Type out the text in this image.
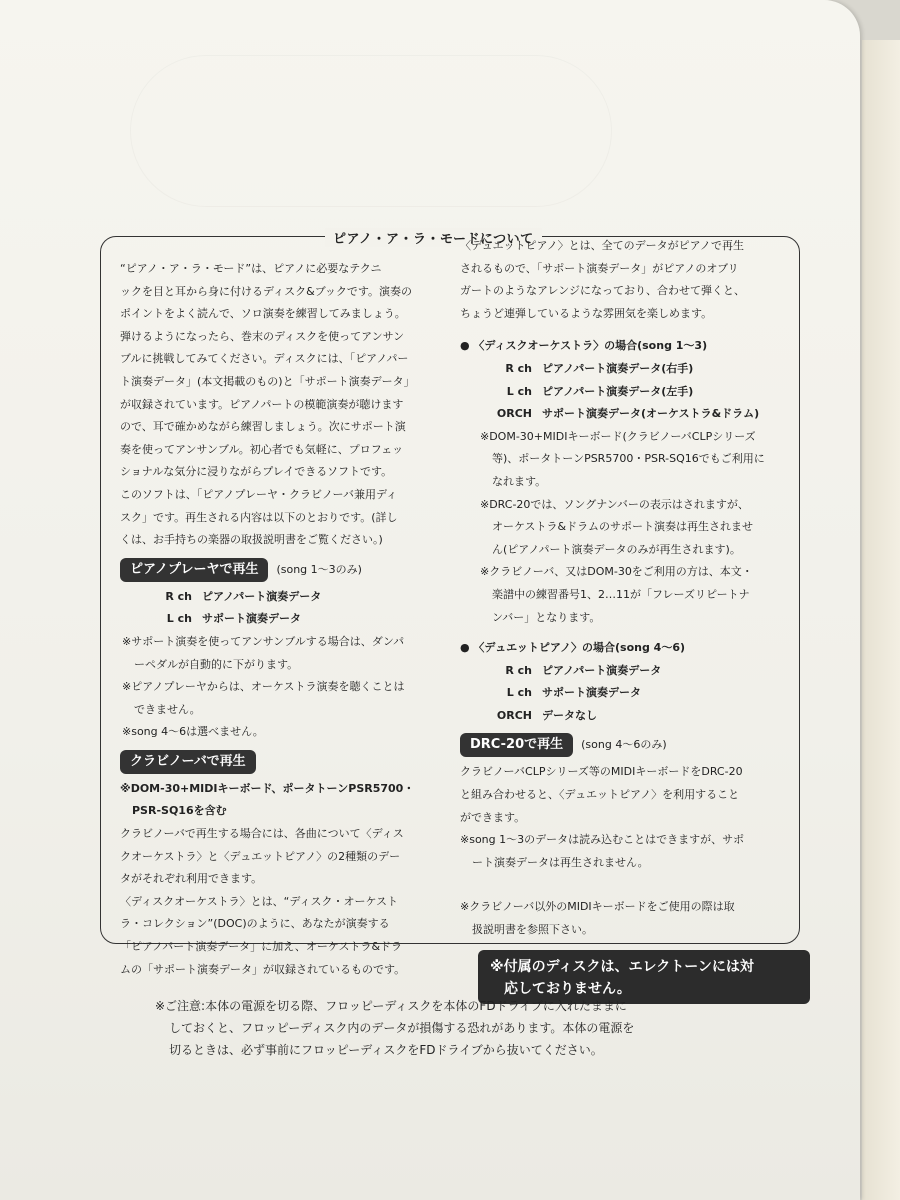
ピアノ・ア・ラ・モードについて

“ピアノ・ア・ラ・モード”は、ピアノに必要なテクニ

ックを目と耳から身に付けるディスク&ブックです。演奏の

ポイントをよく読んで、ソロ演奏を練習してみましょう。

弾けるようになったら、巻末のディスクを使ってアンサン

ブルに挑戦してみてください。ディスクには、「ピアノパー

ト演奏データ」(本文掲載のもの)と「サポート演奏データ」

が収録されています。ピアノパートの模範演奏が聴けます

ので、耳で確かめながら練習しましょう。次にサポート演

奏を使ってアンサンブル。初心者でも気軽に、プロフェッ

ショナルな気分に浸りながらプレイできるソフトです。

このソフトは、「ピアノプレーヤ・クラビノーバ兼用ディ

スク」です。再生される内容は以下のとおりです。(詳し

くは、お手持ちの楽器の取扱説明書をご覧ください。)

ピアノプレーヤで再生 (song 1〜3のみ)
R ch ピアノパート演奏データ
L ch サポート演奏データ

※サポート演奏を使ってアンサンブルする場合は、ダンパ

ーペダルが自動的に下がります。

※ピアノプレーヤからは、オーケストラ演奏を聴くことは

できません。

※song 4〜6は選べません。

クラビノーバで再生

※DOM-30+MIDIキーボード、ポータトーンPSR5700・

PSR-SQ16を含む

クラビノーバで再生する場合には、各曲について〈ディス

クオーケストラ〉と〈デュエットピアノ〉の2種類のデー

タがそれぞれ利用できます。

〈ディスクオーケストラ〉とは、“ディスク・オーケスト

ラ・コレクション”(DOC)のように、あなたが演奏する

「ピアノパート演奏データ」に加え、オーケストラ&ドラ

ムの「サポート演奏データ」が収録されているものです。

〈デュエットピアノ〉とは、全てのデータがピアノで再生

されるもので、「サポート演奏データ」がピアノのオブリ

ガートのようなアレンジになっており、合わせて弾くと、

ちょうど連弾しているような雰囲気を楽しめます。

● 〈ディスクオーケストラ〉の場合(song 1〜3)

R ch ピアノパート演奏データ(右手)
L ch ピアノパート演奏データ(左手)
ORCH サポート演奏データ(オーケストラ&ドラム)

※DOM-30+MIDIキーボード(クラビノーバCLPシリーズ

等)、ポータトーンPSR5700・PSR-SQ16でもご利用に

なれます。

※DRC-20では、ソングナンバーの表示はされますが、

オーケストラ&ドラムのサポート演奏は再生されませ

ん(ピアノパート演奏データのみが再生されます)。

※クラビノーバ、又はDOM-30をご利用の方は、本文・

楽譜中の練習番号1、2…11が「フレーズリピートナ

ンバー」となります。

● 〈デュエットピアノ〉の場合(song 4〜6)

R ch ピアノパート演奏データ
L ch サポート演奏データ
ORCH データなし
DRC-20で再生 (song 4〜6のみ)

クラビノーバCLPシリーズ等のMIDIキーボードをDRC-20

と組み合わせると、〈デュエットピアノ〉を利用すること

ができます。

※song 1〜3のデータは読み込むことはできますが、サポ

ート演奏データは再生されません。

※クラビノーバ以外のMIDIキーボードをご使用の際は取

扱説明書を参照下さい。

※付属のディスクは、エレクトーンには対
応しておりません。
※ご注意:本体の電源を切る際、フロッピーディスクを本体のFDドライブに入れたままに
しておくと、フロッピーディスク内のデータが損傷する恐れがあります。本体の電源を
切るときは、必ず事前にフロッピーディスクをFDドライブから抜いてください。
